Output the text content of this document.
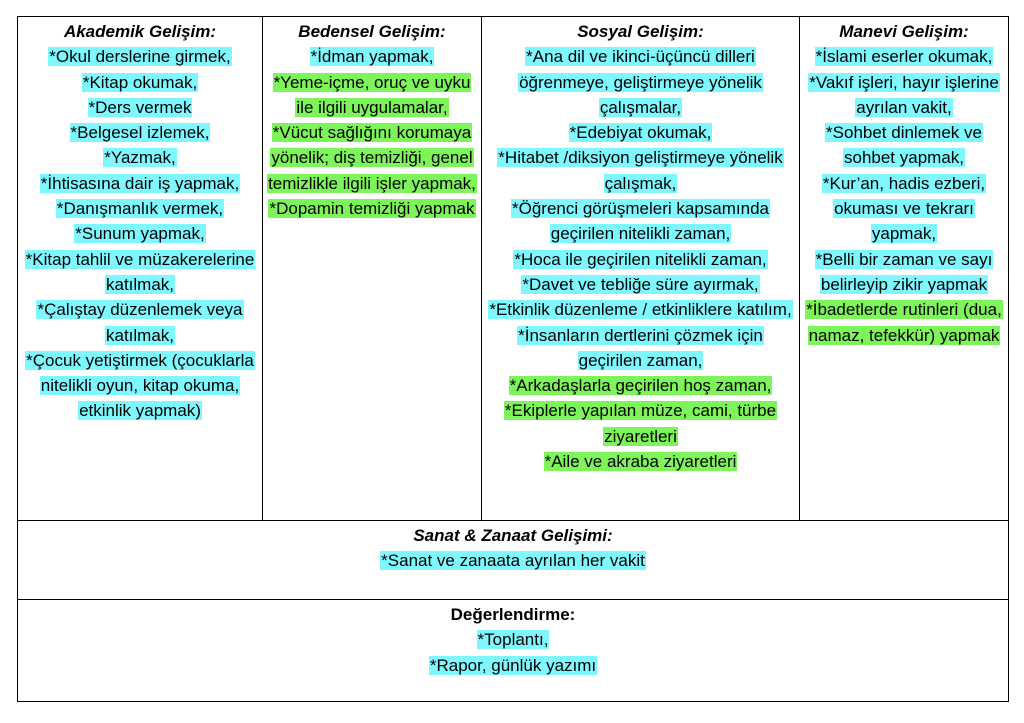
Akademik Gelişim:
*Okul derslerine girmek,
*Kitap okumak,
*Ders vermek
*Belgesel izlemek,
*Yazmak,
*İhtisasına dair iş yapmak,
*Danışmanlık vermek,
*Sunum yapmak,
*Kitap tahlil ve müzakerelerine katılmak,
*Çalıştay düzenlemek veya katılmak,
*Çocuk yetiştirmek (çocuklarla nitelikli oyun, kitap okuma, etkinlik yapmak)

Bedensel Gelişim:
*İdman yapmak,
*Yeme-içme, oruç ve uyku ile ilgili uygulamalar,
*Vücut sağlığını korumaya yönelik; diş temizliği, genel temizlikle ilgili işler yapmak,
*Dopamin temizliği yapmak

Sosyal Gelişim:
*Ana dil ve ikinci-üçüncü dilleri öğrenmeye, geliştirmeye yönelik çalışmalar,
*Edebiyat okumak,
*Hitabet /diksiyon geliştirmeye yönelik çalışmak,
*Öğrenci görüşmeleri kapsamında geçirilen nitelikli zaman,
*Hoca ile geçirilen nitelikli zaman,
*Davet ve tebliğe süre ayırmak,
*Etkinlik düzenleme / etkinliklere katılım,
*İnsanların dertlerini çözmek için geçirilen zaman,
*Arkadaşlarla geçirilen hoş zaman,
*Ekiplerle yapılan müze, cami, türbe ziyaretleri
*Aile ve akraba ziyaretleri

Manevi Gelişim:
*İslami eserler okumak,
*Vakıf işleri, hayır işlerine ayrılan vakit,
*Sohbet dinlemek ve sohbet yapmak,
*Kur’an, hadis ezberi, okuması ve tekrarı yapmak,
*Belli bir zaman ve sayı belirleyip zikir yapmak
*İbadetlerde rutinleri (dua, namaz, tefekkür) yapmak

Sanat & Zanaat Gelişimi:
*Sanat ve zanaata ayrılan her vakit

Değerlendirme:
*Toplantı,
*Rapor, günlük yazımı
